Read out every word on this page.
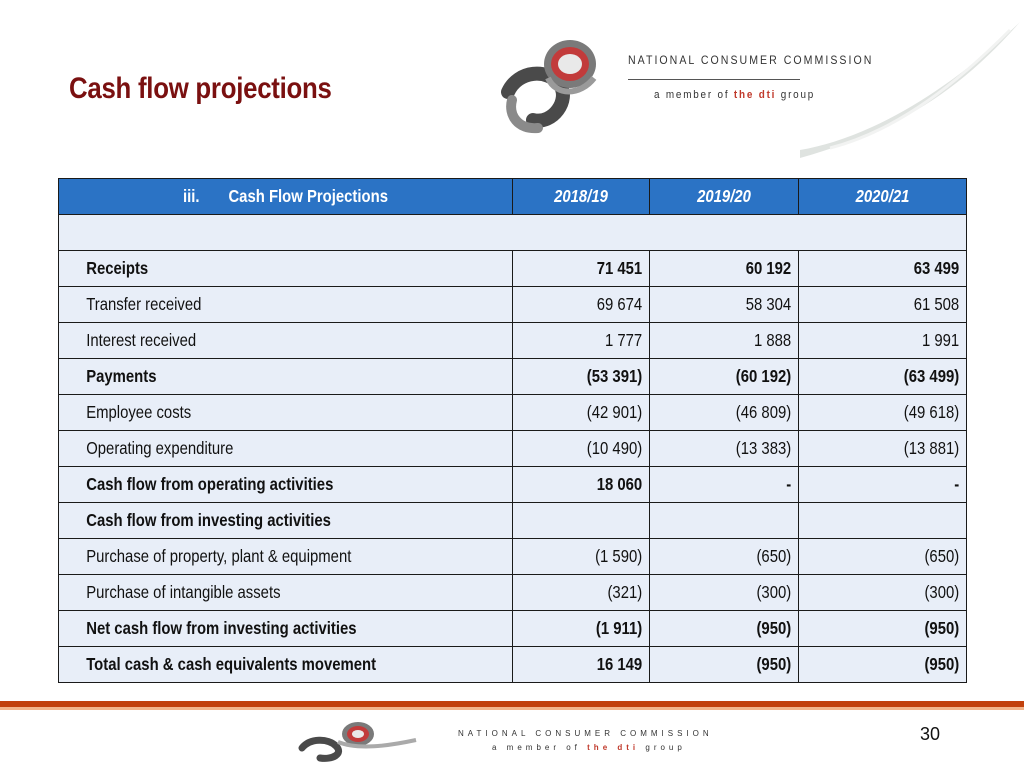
Cash flow projections
NATIONAL CONSUMER COMMISSION
a member of the dti group
iii. Cash Flow Projections	2018/19	2019/20	2020/21

Receipts	71 451	60 192	63 499

Transfer received	69 674	58 304	61 508

Interest received	1 777	1 888	1 991

Payments	(53 391)	(60 192)	(63 499)

Employee costs	(42 901)	(46 809)	(49 618)

Operating expenditure	(10 490)	(13 383)	(13 881)

Cash flow from operating activities	18 060	-	-

Cash flow from investing activities			

Purchase of property, plant & equipment	(1 590)	(650)	(650)

Purchase of intangible assets	(321)	(300)	(300)

Net cash flow from investing activities	(1 911)	(950)	(950)

Total cash & cash equivalents movement	16 149	(950)	(950)
NATIONAL CONSUMER COMMISSION
a member of the dti group
30
